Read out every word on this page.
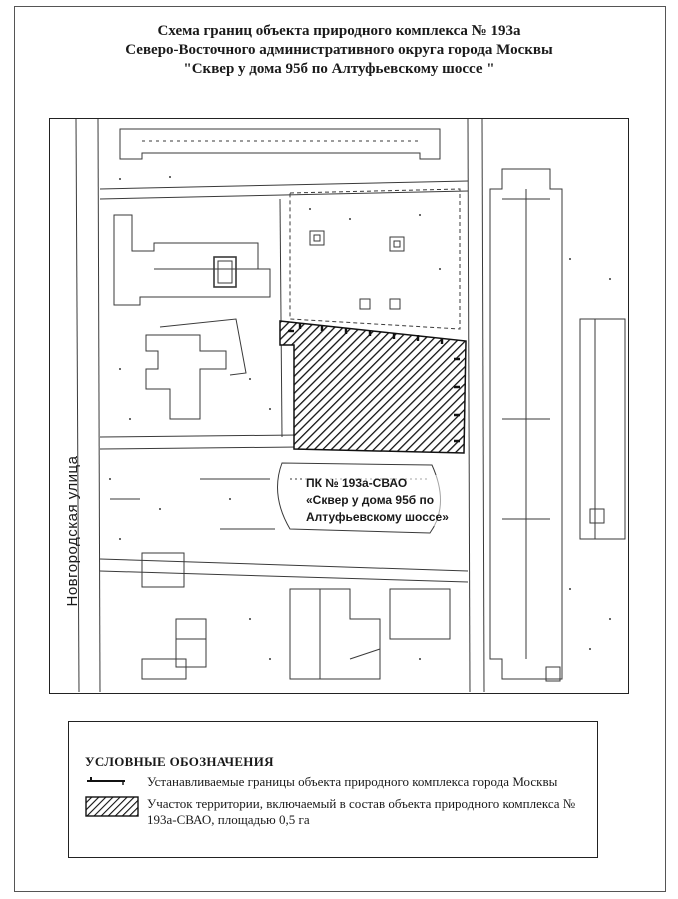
Схема границ объекта природного комплекса № 193а
Северо-Восточного административного округа города Москвы
"Сквер у дома 95б по Алтуфьевскому шоссе "
Новгородская улица	ПК № 193а-СВАО
«Сквер у дома 95б по
Алтуфьевскому шоссе»
УСЛОВНЫЕ ОБОЗНАЧЕНИЯ
Устанавливаемые границы объекта природного комплекса города Москвы
Участок территории, включаемый в состав объекта природного комплекса № 193а-СВАО, площадью 0,5 га
